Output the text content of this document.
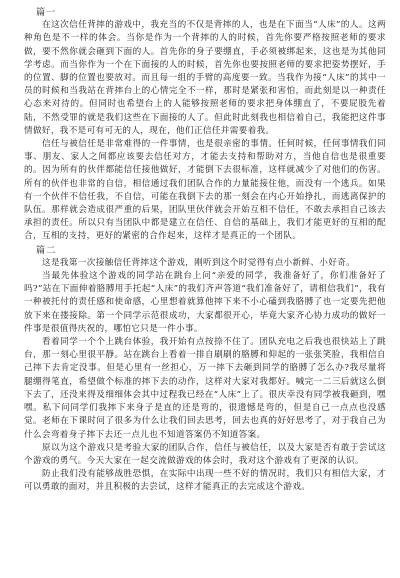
篇一

在这次信任背摔的游戏中，我充当的不仅是背摔的人，也是在下面当“人床”的人。这两种角色是不一样的体会。当你是作为一个背摔的人的时候，首先你要严格按照老师的要求做，要不然你就会砸到下面的人。首先你的身子要绷直，手必须被绑起来，这也是为其他同学考虑。而当你作为一个在下面接的人的时候，首先你也要按照老师的要求把姿势摆好，手的位置、脚的位置也要放对。而且每一组的手臂的高度要一致。当我作为接“人床”的其中一员的时候和当我站在背摔台上的心情完全不一样，那时是紧张和害怕，而此刻是以一种责任心态来对待的。但同时也希望台上的人能够按照老师的要求把身体绷直了，不要屁股先着陆，不然受罪的就是我们这些在下面接的人了。但此时此刻我也相信着自己，我能把这件事情做好，我不是可有可无的人，现在，他们正信任并需要着我。

信任与被信任是非常难得的一件事情，也是很亲密的事情。任何时候，任何事情我们同事、朋友、家人之间都应该要去信任对方，才能去支持和帮助对方，当他自信也是很重要的。因为所有的伙伴都能信任接他做好，才能倒下去很标准，这样就减少了对他们的伤害。所有的伙伴也非常的自信，相信通过我们团队合作的力量能接住他，而没有一个逃兵。如果有一个伙伴不信任我，不自信，可能在我倒下去的那一刻会在内心开始挣扎，而逃离保护的队伍。那样就会造成很严重的后果，团队里伙伴就会开始互相不信任，不敢去承担自己该去承担的责任。所以只有当团队中都是建立在信任、自信的基础上，我们才能更好的互相的配合，互相的支持，更好的紧密的合作起来，这样才是真正的一个团队。

篇二

这是我第一次接触信任背摔这个游戏，刚听到这个时觉得有点小新鲜、小好奇。

当最先体验这个游戏的同学站在跳台上问“亲爱的同学，我准备好了，你们准备好了吗?”站在下面伸着胳膊用手托起“人床”的我们齐声答道“我们准备好了，请相信我们”，我有一种被托付的责任感和使命感，心里想着就算他摔下来不小心磕到我胳膊了也一定要先把他放下来在搂接除。第一个同学示范很成功，大家都很开心，毕竟大家齐心协力成功的做好一件事是很值得庆祝的，哪怕它只是一件小事。

看着同学一个个上跳台体验，我开始有点按捺不住了。团队充电之后我也很快站上了跳台，那一刻心里很平静。站在跳台上看着一排自刷刷的胳膊和仰起的一张张笑脸，我相信自己摔下去肯定没事。但是心里有一丝担心，万一摔下去砸到同学的胳膊了怎么办?我尽量将腿绷得笔直，希望做个标准的摔下去的动作，这样对大家对我都好。喊完一二三后就这么倒下去了，还没来得及细细体会其中过程我已经在“人床”上了。很庆幸没有同学被我砸到，嘿嘿。私下问同学们我摔下来身子是直的还是弯的，很遗憾是弯的，但是自己一点点也没感觉。老师在下课时问了很多为什么让我们回去思考，回去也真的好好思考了，对于我自己为什么会弯着身子摔下去还一点儿也不知道答案仍不知道答案。

原以为这个游戏只是考验大家的团队合作，信任与被信任，以及大家是否有敢于尝试这个游戏的勇气。今天大家在一起交流做游戏的体会时，我对这个游戏有了更深的认识。

防止我们没有能够战胜恐惧，在实际中出现一些不好的情况时，我们只有相信大家，才可以勇敢的面对，并且积极的去尝试，这样才能真正的去完成这个游戏。
